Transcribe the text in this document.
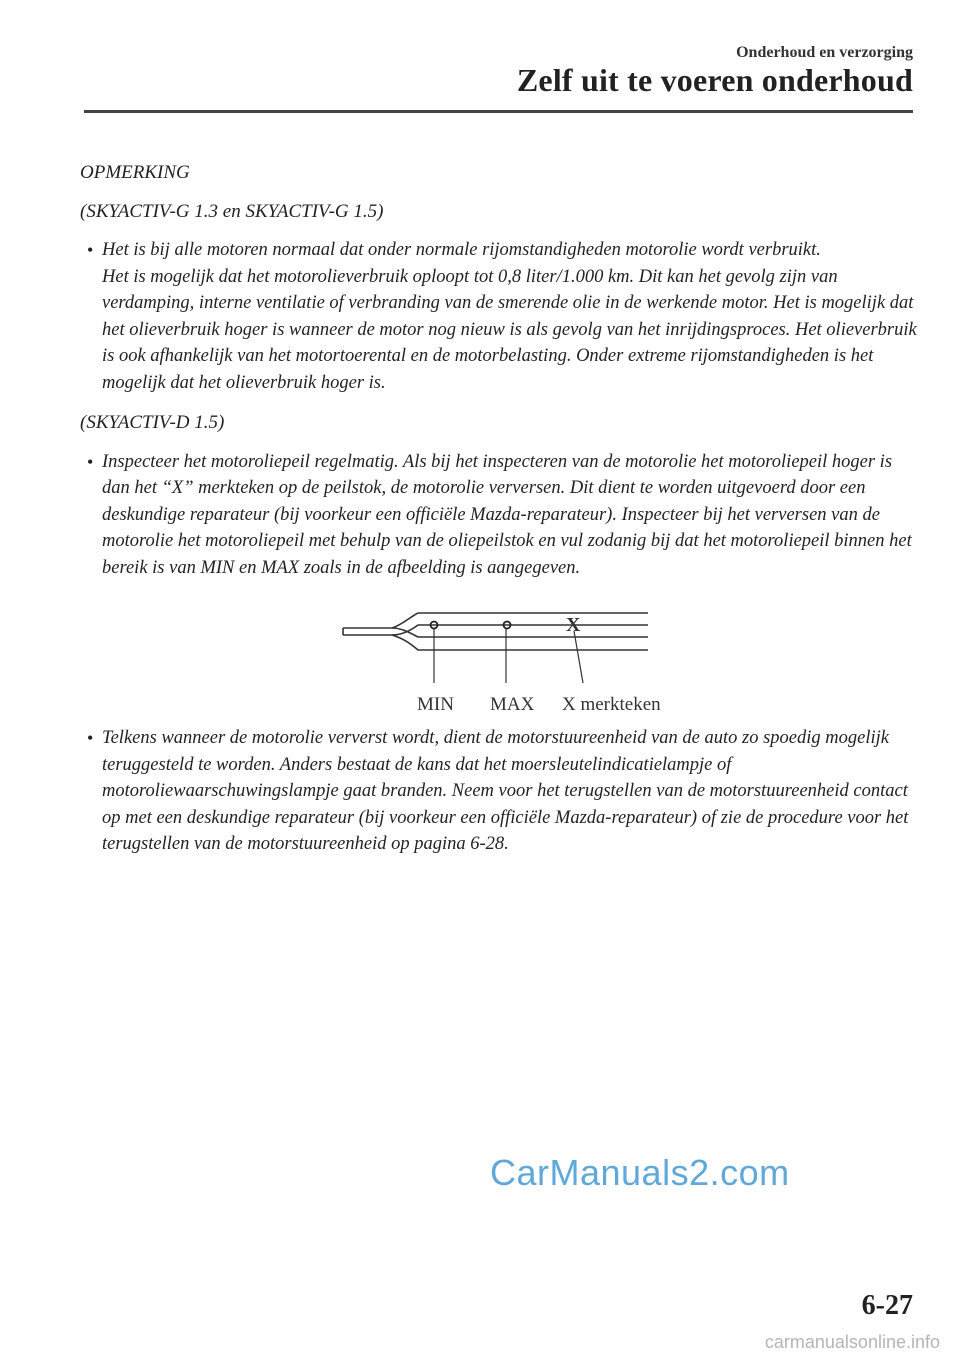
Onderhoud en verzorging
Zelf uit te voeren onderhoud
OPMERKING
(SKYACTIV-G 1.3 en SKYACTIV-G 1.5)
• Het is bij alle motoren normaal dat onder normale rijomstandigheden motorolie wordt verbruikt.
Het is mogelijk dat het motorolieverbruik oploopt tot 0,8 liter/1.000 km. Dit kan het gevolg zijn van verdamping, interne ventilatie of verbranding van de smerende olie in de werkende motor. Het is mogelijk dat het olieverbruik hoger is wanneer de motor nog nieuw is als gevolg van het inrijdingsproces. Het olieverbruik is ook afhankelijk van het motortoerental en de motorbelasting. Onder extreme rijomstandigheden is het mogelijk dat het olieverbruik hoger is.
(SKYACTIV-D 1.5)
• Inspecteer het motoroliepeil regelmatig. Als bij het inspecteren van de motorolie het motoroliepeil hoger is dan het “X” merkteken op de peilstok, de motorolie verversen. Dit dient te worden uitgevoerd door een deskundige reparateur (bij voorkeur een officiële Mazda-reparateur). Inspecteer bij het verversen van de motorolie het motoroliepeil met behulp van de oliepeilstok en vul zodanig bij dat het motoroliepeil binnen het bereik is van MIN en MAX zoals in de afbeelding is aangegeven.
X
MIN MAX X merkteken
• Telkens wanneer de motorolie ververst wordt, dient de motorstuureenheid van de auto zo spoedig mogelijk teruggesteld te worden. Anders bestaat de kans dat het moersleutelindicatielampje of motoroliewaarschuwingslampje gaat branden. Neem voor het terugstellen van de motorstuureenheid contact op met een deskundige reparateur (bij voorkeur een officiële Mazda-reparateur) of zie de procedure voor het terugstellen van de motorstuureenheid op pagina 6-28.
CarManuals2.com
6-27
carmanualsonline.info
